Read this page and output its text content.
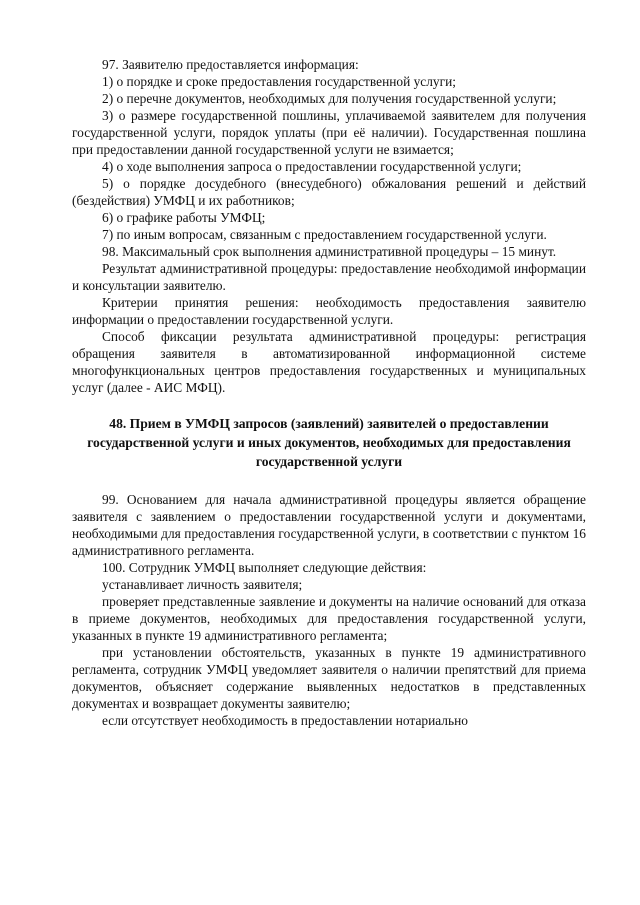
97. Заявителю предоставляется информация:

1) о порядке и сроке предоставления государственной услуги;

2) о перечне документов, необходимых для получения государственной услуги;

3) о размере государственной пошлины, уплачиваемой заявителем для получения государственной услуги, порядок уплаты (при её наличии). Государственная пошлина при предоставлении данной государственной услуги не взимается;

4) о ходе выполнения запроса о предоставлении государственной услуги;

5) о порядке досудебного (внесудебного) обжалования решений и действий (бездействия) УМФЦ и их работников;

6) о графике работы УМФЦ;

7) по иным вопросам, связанным с предоставлением государственной услуги.

98. Максимальный срок выполнения административной процедуры – 15 минут.

Результат административной процедуры: предоставление необходимой информации и консультации заявителю.

Критерии принятия решения: необходимость предоставления заявителю информации о предоставлении государственной услуги.

Способ фиксации результата административной процедуры: регистрация обращения заявителя в автоматизированной информационной системе многофункциональных центров предоставления государственных и муниципальных услуг (далее - АИС МФЦ).

48. Прием в УМФЦ запросов (заявлений) заявителей о предоставлении государственной услуги и иных документов, необходимых для предоставления государственной услуги

99. Основанием для начала административной процедуры является обращение заявителя с заявлением о предоставлении государственной услуги и документами, необходимыми для предоставления государственной услуги, в соответствии с пунктом 16 административного регламента.

100. Сотрудник УМФЦ выполняет следующие действия:

устанавливает личность заявителя;

проверяет представленные заявление и документы на наличие оснований для отказа в приеме документов, необходимых для предоставления государственной услуги, указанных в пункте 19 административного регламента;

при установлении обстоятельств, указанных в пункте 19 административного регламента, сотрудник УМФЦ уведомляет заявителя о наличии препятствий для приема документов, объясняет содержание выявленных недостатков в представленных документах и возвращает документы заявителю;

если отсутствует необходимость в предоставлении нотариально
